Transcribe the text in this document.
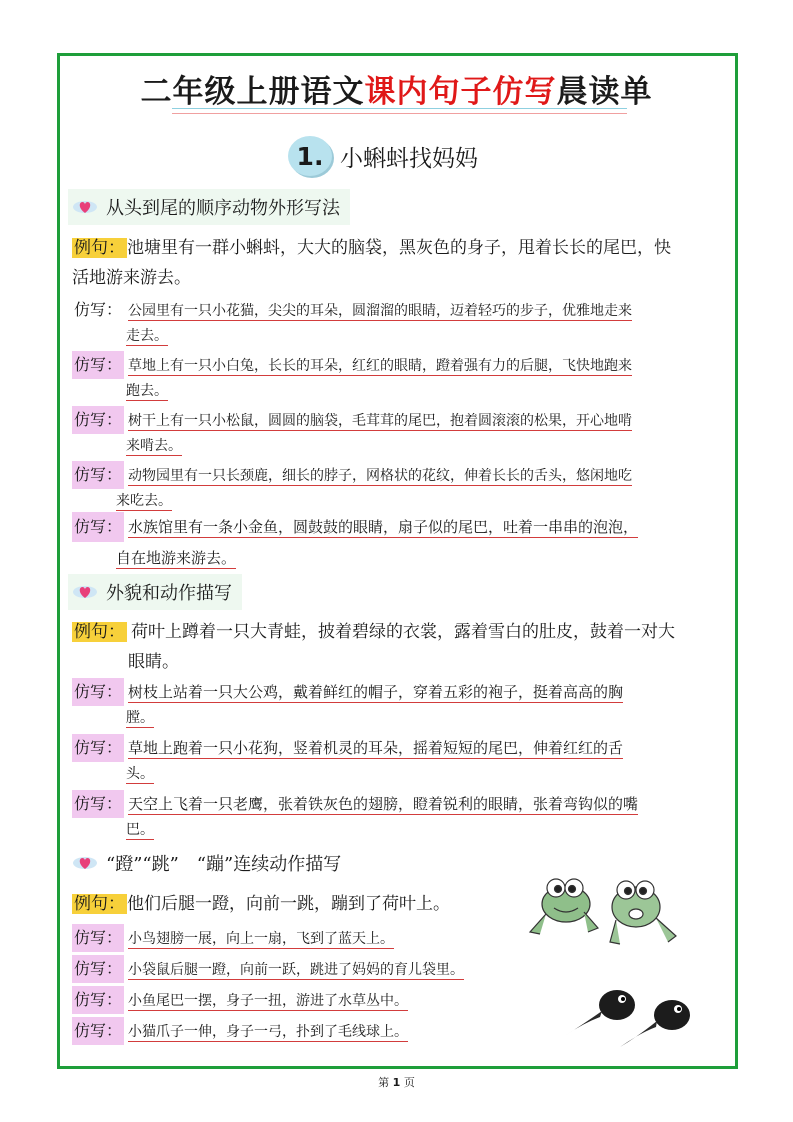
二年级上册语文课内句子仿写晨读单
1. 小蝌蚪找妈妈
从头到尾的顺序动物外形写法
例句： 池塘里有一群小蝌蚪，大大的脑袋，黑灰色的身子，甩着长长的尾巴，快
活地游来游去。
仿写： 公园里有一只小花猫，尖尖的耳朵，圆溜溜的眼睛，迈着轻巧的步子，优雅地走来
走去。
仿写： 草地上有一只小白兔，长长的耳朵，红红的眼睛，蹬着强有力的后腿，飞快地跑来
跑去。
仿写： 树干上有一只小松鼠，圆圆的脑袋，毛茸茸的尾巴，抱着圆滚滚的松果，开心地啃
来啃去。
仿写： 动物园里有一只长颈鹿，细长的脖子，网格状的花纹，伸着长长的舌头，悠闲地吃
来吃去。
仿写： 水族馆里有一条小金鱼，圆鼓鼓的眼睛，扇子似的尾巴，吐着一串串的泡泡，
自在地游来游去。
外貌和动作描写
例句： 荷叶上蹲着一只大青蛙，披着碧绿的衣裳，露着雪白的肚皮，鼓着一对大
眼睛。
仿写： 树枝上站着一只大公鸡，戴着鲜红的帽子，穿着五彩的袍子，挺着高高的胸
膛。
仿写： 草地上跑着一只小花狗，竖着机灵的耳朵，摇着短短的尾巴，伸着红红的舌
头。
仿写： 天空上飞着一只老鹰，张着铁灰色的翅膀，瞪着锐利的眼睛，张着弯钩似的嘴
巴。
“蹬”“跳”　“蹦”连续动作描写
例句： 他们后腿一蹬，向前一跳，蹦到了荷叶上。
仿写： 小鸟翅膀一展，向上一扇，飞到了蓝天上。
仿写： 小袋鼠后腿一蹬，向前一跃，跳进了妈妈的育儿袋里。
仿写： 小鱼尾巴一摆，身子一扭，游进了水草丛中。
仿写： 小猫爪子一伸，身子一弓，扑到了毛线球上。
第 1 页
